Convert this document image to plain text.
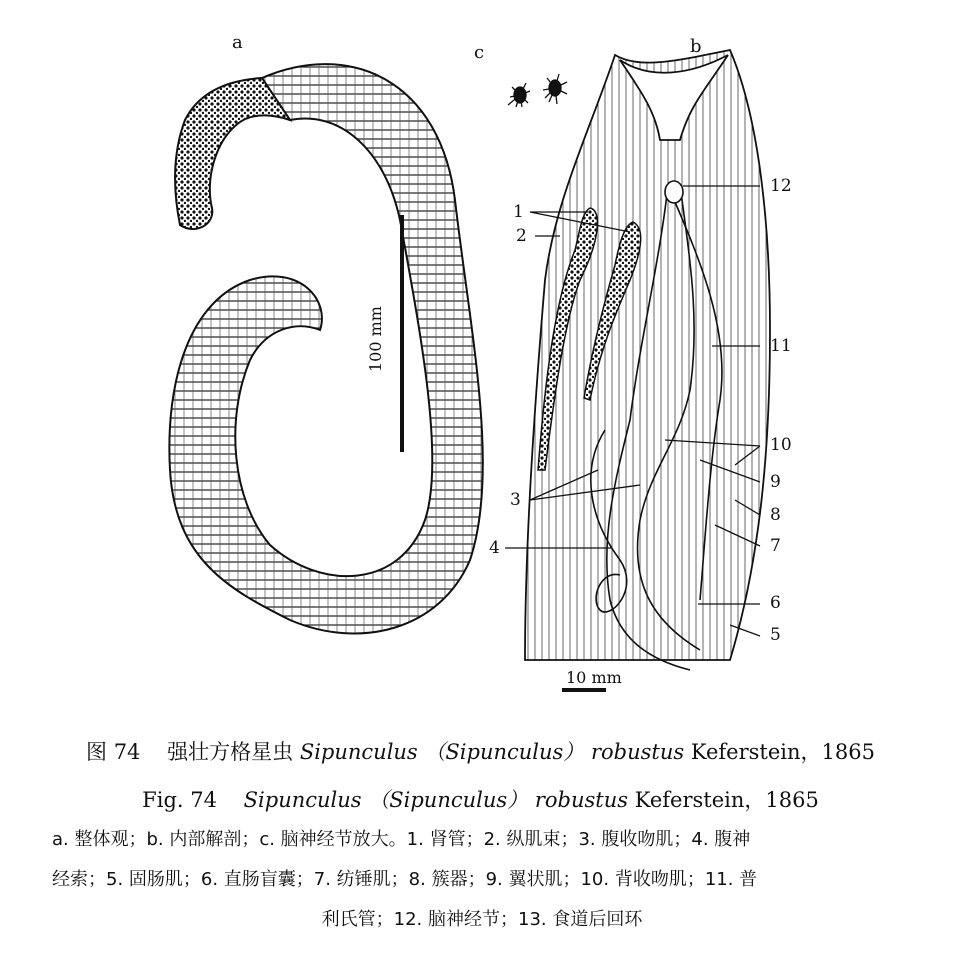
a	c	b
100 mm
10 mm
1
2
3
4
5
6
7
8
9
10
11
12
图 74 强壮方格星虫 Sipunculus （Sipunculus） robustus Keferstein，1865
Fig. 74 Sipunculus （Sipunculus） robustus Keferstein，1865
a. 整体观；b. 内部解剖；c. 脑神经节放大。1. 肾管；2. 纵肌束；3. 腹收吻肌；4. 腹神
经索；5. 固肠肌；6. 直肠盲囊；7. 纺锤肌；8. 簇器；9. 翼状肌；10. 背收吻肌；11. 普
利氏管；12. 脑神经节；13. 食道后回环
